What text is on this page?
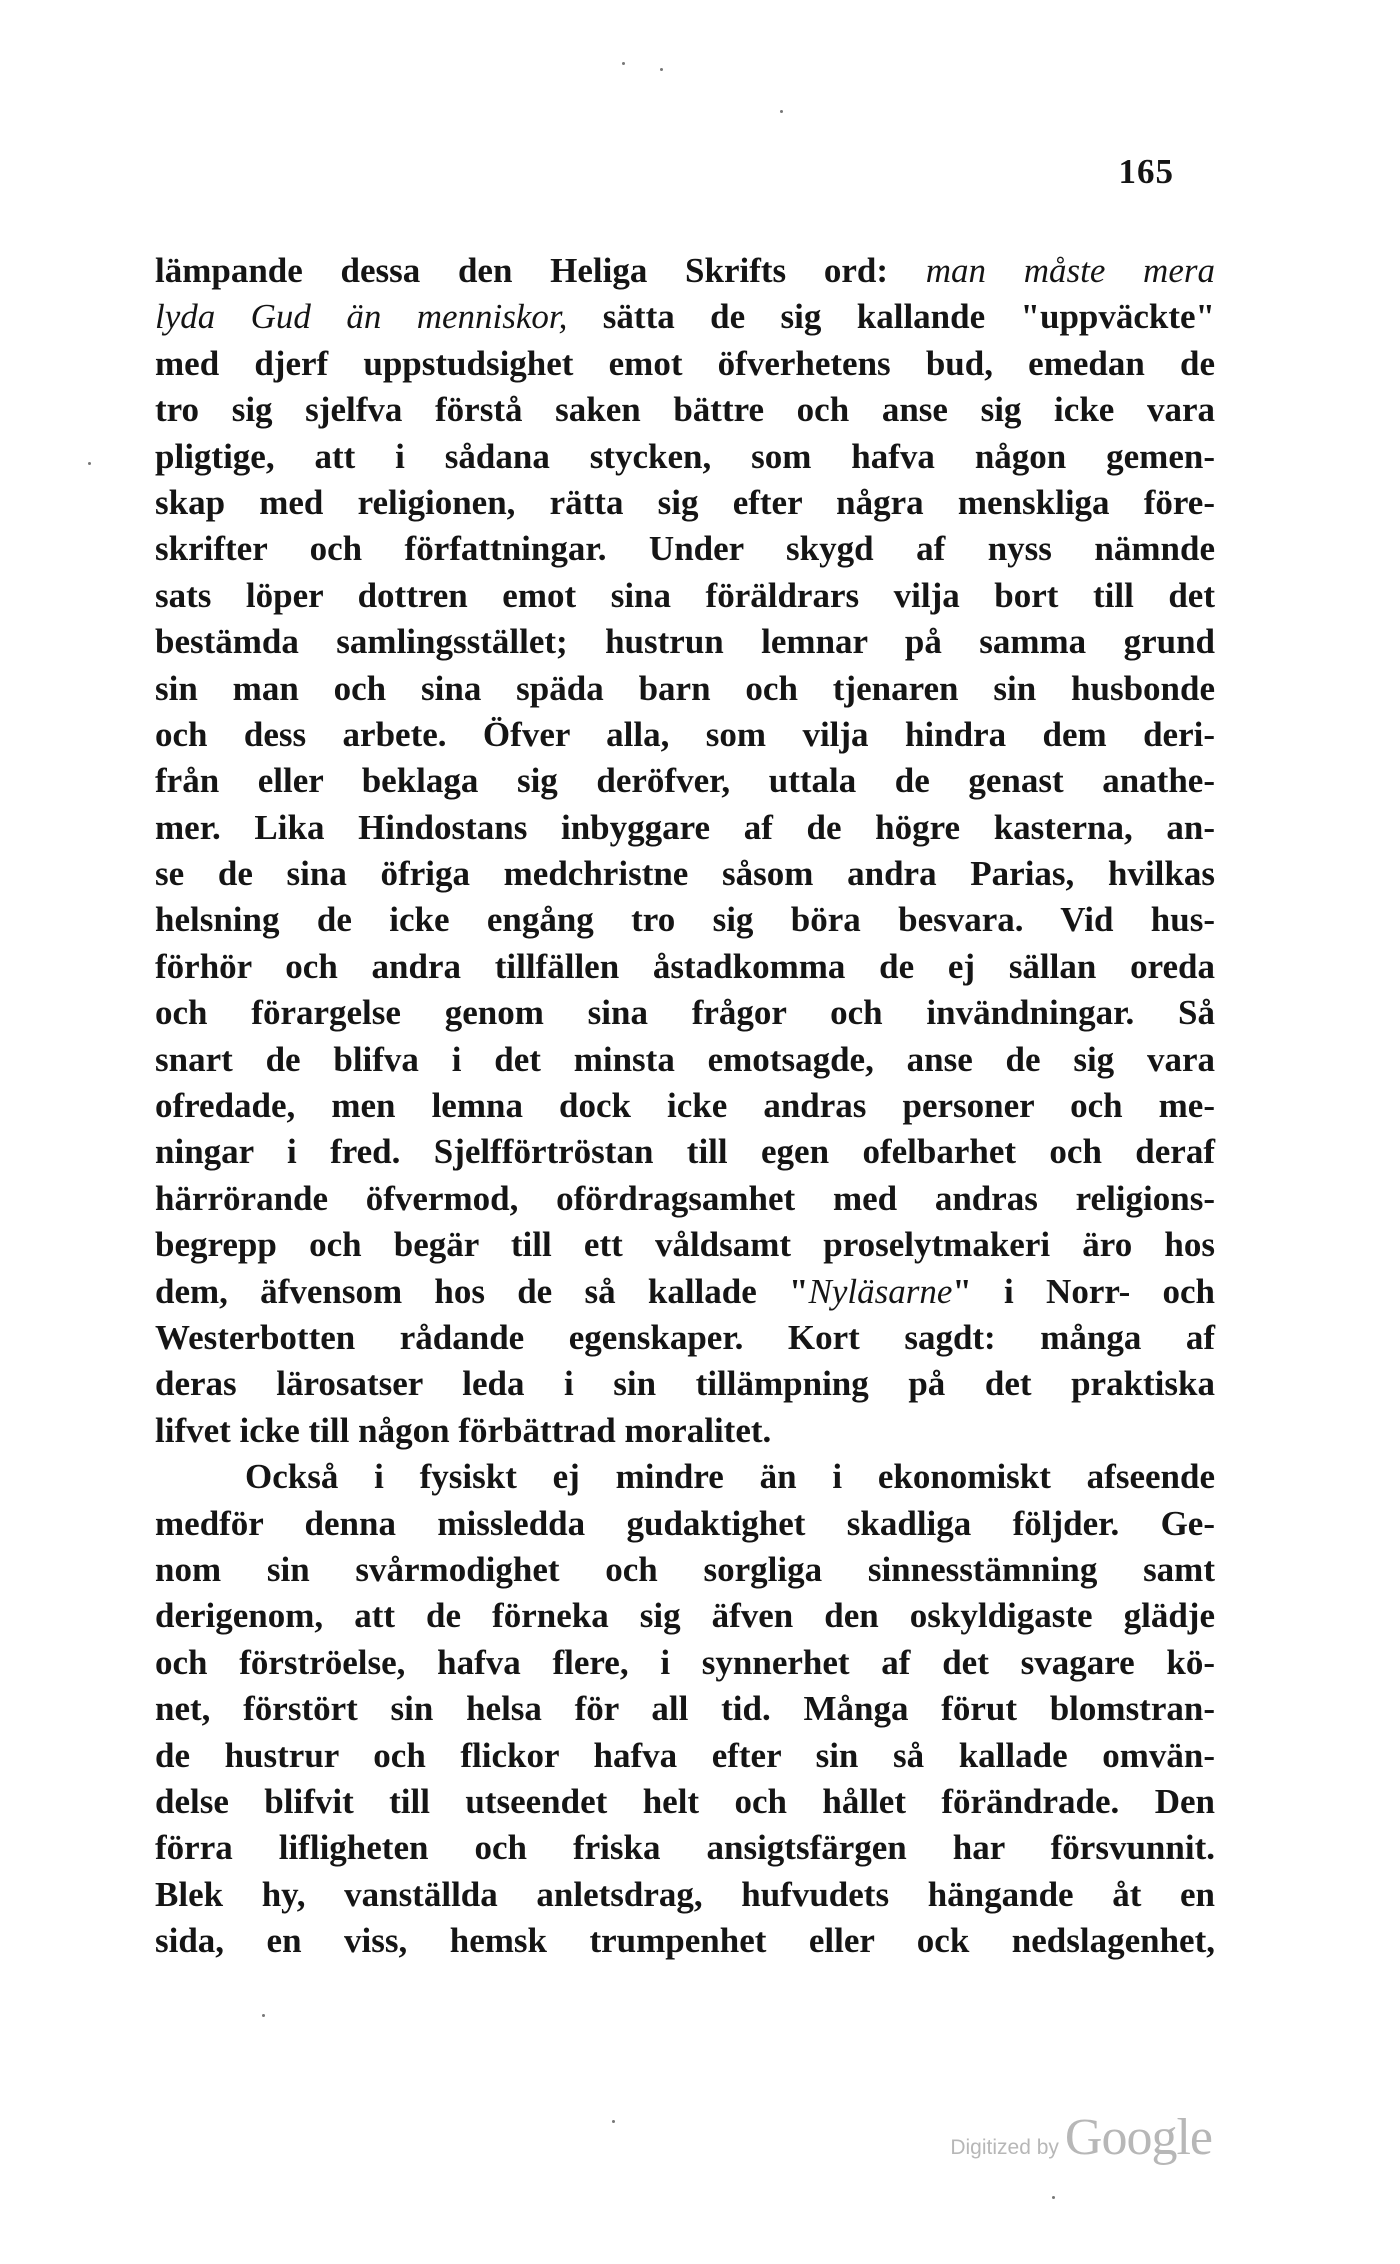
165
lämpande dessa den Heliga Skrifts ord: man måste mera
lyda Gud än menniskor, sätta de sig kallande "uppväckte"
med djerf uppstudsighet emot öfverhetens bud, emedan de
tro sig sjelfva förstå saken bättre och anse sig icke vara
pligtige, att i sådana stycken, som hafva någon gemen-
skap med religionen, rätta sig efter några menskliga före-
skrifter och författningar. Under skygd af nyss nämnde
sats löper dottren emot sina föräldrars vilja bort till det
bestämda samlingsstället; hustrun lemnar på samma grund
sin man och sina späda barn och tjenaren sin husbonde
och dess arbete. Öfver alla, som vilja hindra dem deri-
från eller beklaga sig deröfver, uttala de genast anathe-
mer. Lika Hindostans inbyggare af de högre kasterna, an-
se de sina öfriga medchristne såsom andra Parias, hvilkas
helsning de icke engång tro sig böra besvara. Vid hus-
förhör och andra tillfällen åstadkomma de ej sällan oreda
och förargelse genom sina frågor och invändningar. Så
snart de blifva i det minsta emotsagde, anse de sig vara
ofredade, men lemna dock icke andras personer och me-
ningar i fred. Sjelfförtröstan till egen ofelbarhet och deraf
härrörande öfvermod, ofördragsamhet med andras religions-
begrepp och begär till ett våldsamt proselytmakeri äro hos
dem, äfvensom hos de så kallade "Nyläsarne" i Norr- och
Westerbotten rådande egenskaper. Kort sagdt: många af
deras lärosatser leda i sin tillämpning på det praktiska
lifvet icke till någon förbättrad moralitet.
Också i fysiskt ej mindre än i ekonomiskt afseende
medför denna missledda gudaktighet skadliga följder. Ge-
nom sin svårmodighet och sorgliga sinnesstämning samt
derigenom, att de förneka sig äfven den oskyldigaste glädje
och förströelse, hafva flere, i synnerhet af det svagare kö-
net, förstört sin helsa för all tid. Många förut blomstran-
de hustrur och flickor hafva efter sin så kallade omvän-
delse blifvit till utseendet helt och hållet förändrade. Den
förra lifligheten och friska ansigtsfärgen har försvunnit.
Blek hy, vanställda anletsdrag, hufvudets hängande åt en
sida, en viss, hemsk trumpenhet eller ock nedslagenhet,
Digitized by Google
